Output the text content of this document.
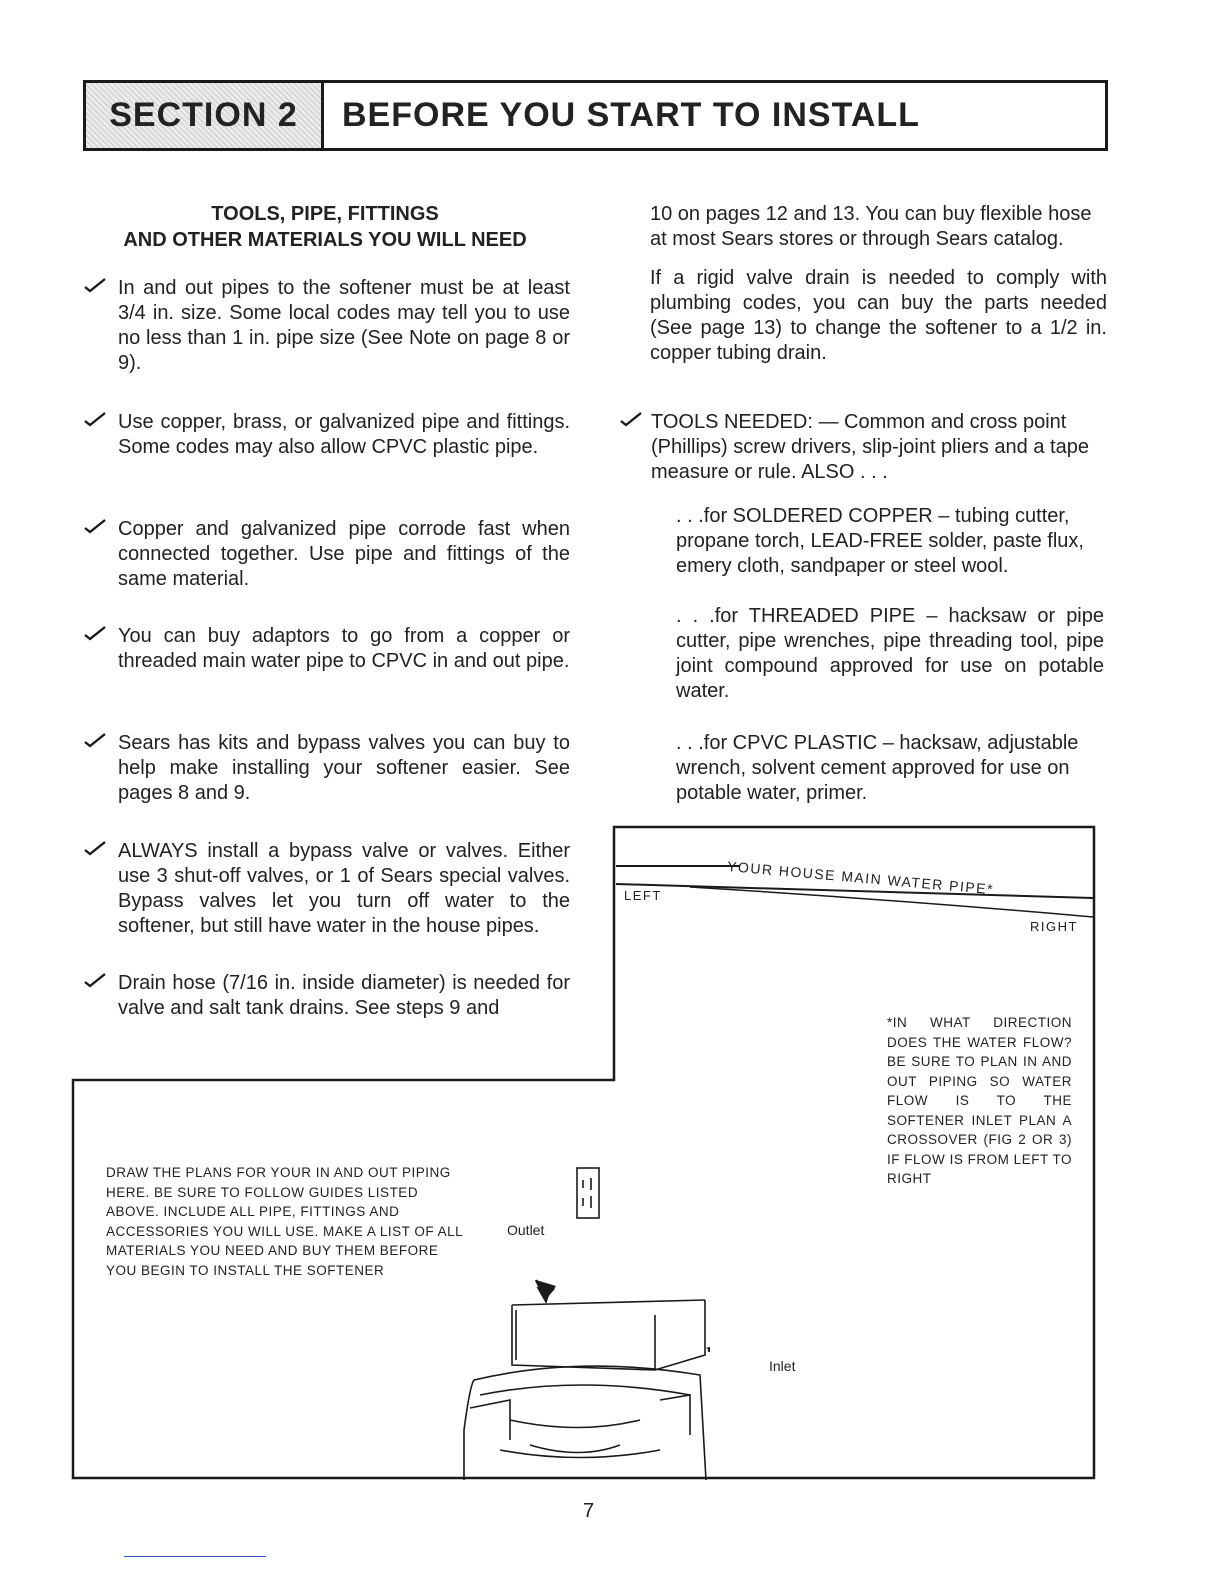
SECTION 2	BEFORE YOU START TO INSTALL
TOOLS, PIPE, FITTINGS
AND OTHER MATERIALS YOU WILL NEED
In and out pipes to the softener must be at least 3/4 in. size. Some local codes may tell you to use no less than 1 in. pipe size (See Note on page 8 or 9).
Use copper, brass, or galvanized pipe and fittings. Some codes may also allow CPVC plastic pipe.
Copper and galvanized pipe corrode fast when connected together. Use pipe and fittings of the same material.
You can buy adaptors to go from a copper or threaded main water pipe to CPVC in and out pipe.
Sears has kits and bypass valves you can buy to help make installing your softener easier. See pages 8 and 9.
ALWAYS install a bypass valve or valves. Either use 3 shut-off valves, or 1 of Sears special valves. Bypass valves let you turn off water to the softener, but still have water in the house pipes.
Drain hose (7/16 in. inside diameter) is needed for valve and salt tank drains. See steps 9 and
10 on pages 12 and 13. You can buy flexible hose at most Sears stores or through Sears catalog.
If a rigid valve drain is needed to comply with plumbing codes, you can buy the parts needed (See page 13) to change the softener to a 1/2 in. copper tubing drain.
TOOLS NEEDED: — Common and cross point (Phillips) screw drivers, slip-joint pliers and a tape measure or rule. ALSO . . .
. . .for SOLDERED COPPER – tubing cutter, propane torch, LEAD-FREE solder, paste flux, emery cloth, sandpaper or steel wool.
. . .for THREADED PIPE – hacksaw or pipe cutter, pipe wrenches, pipe threading tool, pipe joint compound approved for use on potable water.
. . .for CPVC PLASTIC – hacksaw, adjustable wrench, solvent cement approved for use on potable water, primer.
YOUR HOUSE MAIN WATER PIPE*
LEFT
RIGHT
*IN WHAT DIRECTION DOES THE WATER FLOW? BE SURE TO PLAN IN AND OUT PIPING SO WATER FLOW IS TO THE SOFTENER INLET PLAN A CROSSOVER (FIG 2 OR 3) IF FLOW IS FROM LEFT TO RIGHT
DRAW THE PLANS FOR YOUR IN AND OUT PIPING HERE. BE SURE TO FOLLOW GUIDES LISTED ABOVE. INCLUDE ALL PIPE, FITTINGS AND ACCESSORIES YOU WILL USE. MAKE A LIST OF ALL MATERIALS YOU NEED AND BUY THEM BEFORE YOU BEGIN TO INSTALL THE SOFTENER
Outlet
Inlet
7
